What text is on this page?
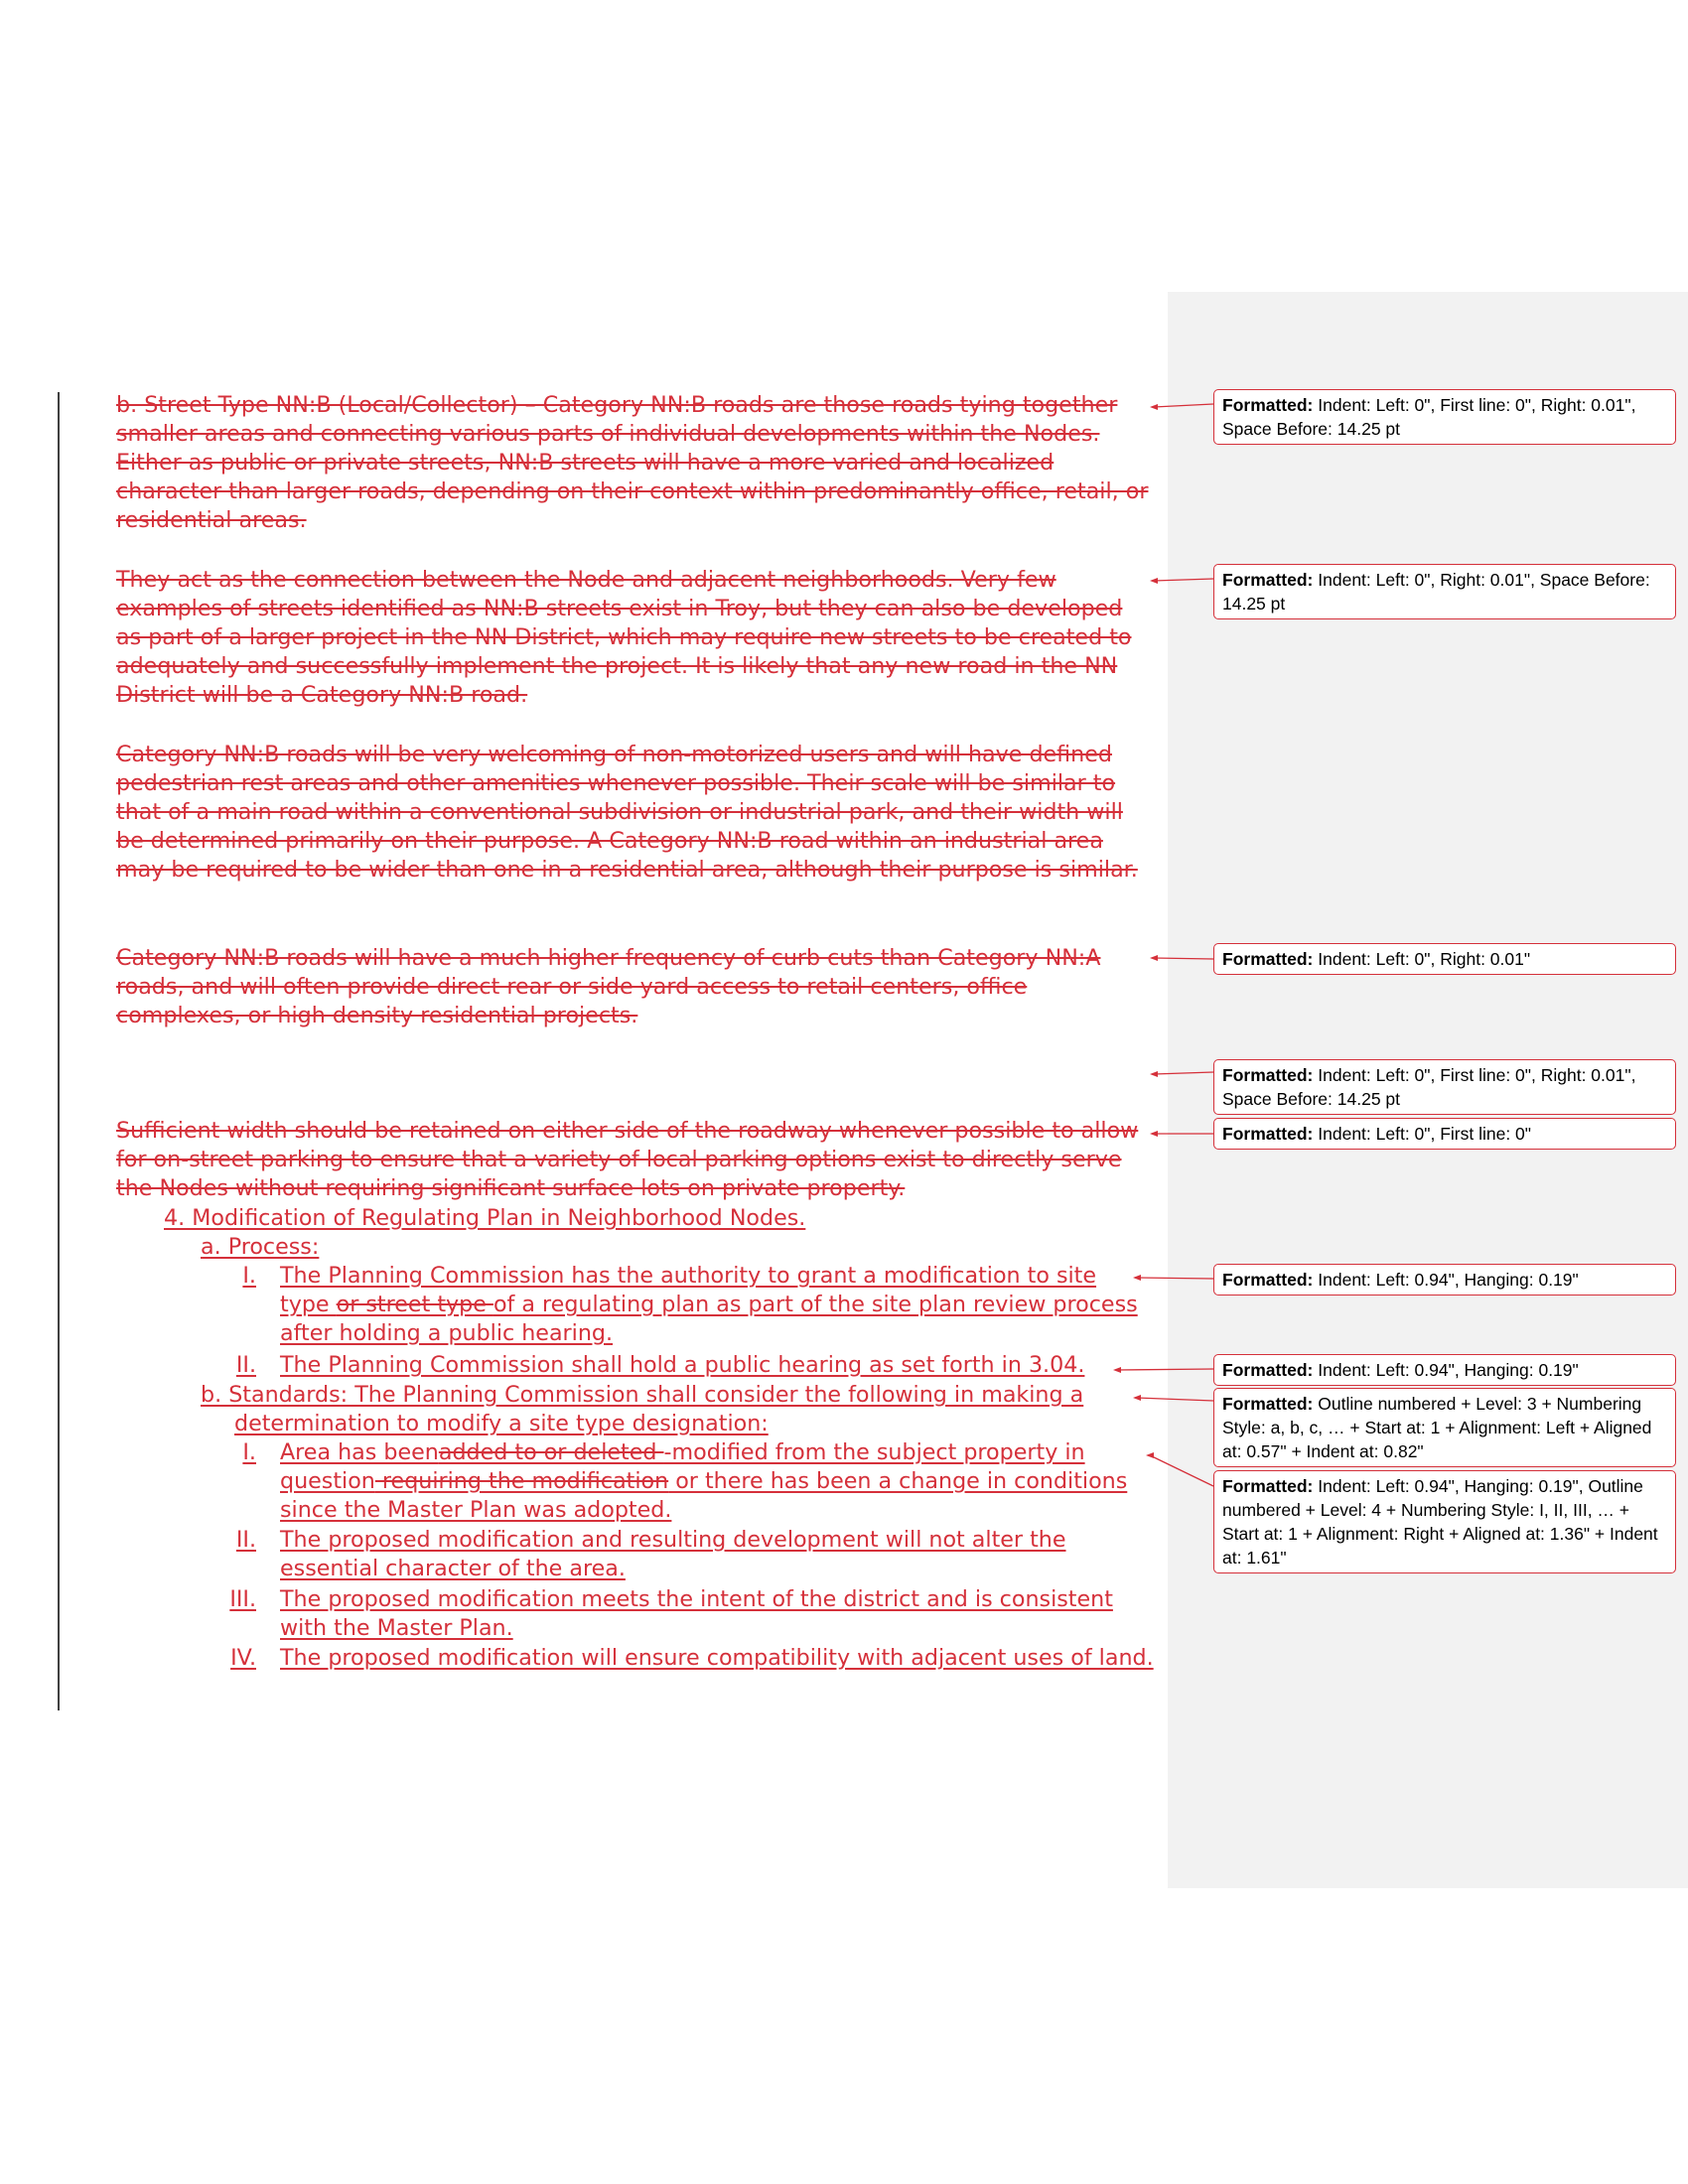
b. Street Type NN:B (Local/Collector) – Category NN:B roads are those roads tying together smaller areas and connecting various parts of individual developments within the Nodes. Either as public or private streets, NN:B streets will have a more varied and localized character than larger roads, depending on their context within predominantly office, retail, or residential areas.

They act as the connection between the Node and adjacent neighborhoods. Very few examples of streets identified as NN:B streets exist in Troy, but they can also be developed as part of a larger project in the NN District, which may require new streets to be created to adequately and successfully implement the project. It is likely that any new road in the NN District will be a Category NN:B road.

Category NN:B roads will be very welcoming of non-motorized users and will have defined pedestrian rest areas and other amenities whenever possible. Their scale will be similar to that of a main road within a conventional subdivision or industrial park, and their width will be determined primarily on their purpose. A Category NN:B road within an industrial area may be required to be wider than one in a residential area, although their purpose is similar.

Category NN:B roads will have a much higher frequency of curb cuts than Category NN:A roads, and will often provide direct rear or side yard access to retail centers, office complexes, or high density residential projects.

Sufficient width should be retained on either side of the roadway whenever possible to allow for on-street parking to ensure that a variety of local parking options exist to directly serve the Nodes without requiring significant surface lots on private property.

4. Modification of Regulating Plan in Neighborhood Nodes.
a. Process:
I. The Planning Commission has the authority to grant a modification to site type or street type of a regulating plan as part of the site plan review process after holding a public hearing.
II. The Planning Commission shall hold a public hearing as set forth in 3.04.
b. Standards: The Planning Commission shall consider the following in making a determination to modify a site type designation:
I. Area has beenadded to or deleted -modified from the subject property in question requiring the modification or there has been a change in conditions since the Master Plan was adopted.
II. The proposed modification and resulting development will not alter the essential character of the area.
III. The proposed modification meets the intent of the district and is consistent with the Master Plan.
IV. The proposed modification will ensure compatibility with adjacent uses of land.
Formatted: Indent: Left: 0", First line: 0", Right: 0.01", Space Before: 14.25 pt
Formatted: Indent: Left: 0", Right: 0.01", Space Before: 14.25 pt
Formatted: Indent: Left: 0", Right: 0.01"
Formatted: Indent: Left: 0", First line: 0", Right: 0.01", Space Before: 14.25 pt
Formatted: Indent: Left: 0", First line: 0"
Formatted: Indent: Left: 0.94", Hanging: 0.19"
Formatted: Indent: Left: 0.94", Hanging: 0.19"
Formatted: Outline numbered + Level: 3 + Numbering Style: a, b, c, … + Start at: 1 + Alignment: Left + Aligned at: 0.57" + Indent at: 0.82"
Formatted: Indent: Left: 0.94", Hanging: 0.19", Outline numbered + Level: 4 + Numbering Style: I, II, III, … + Start at: 1 + Alignment: Right + Aligned at: 1.36" + Indent at: 1.61"
